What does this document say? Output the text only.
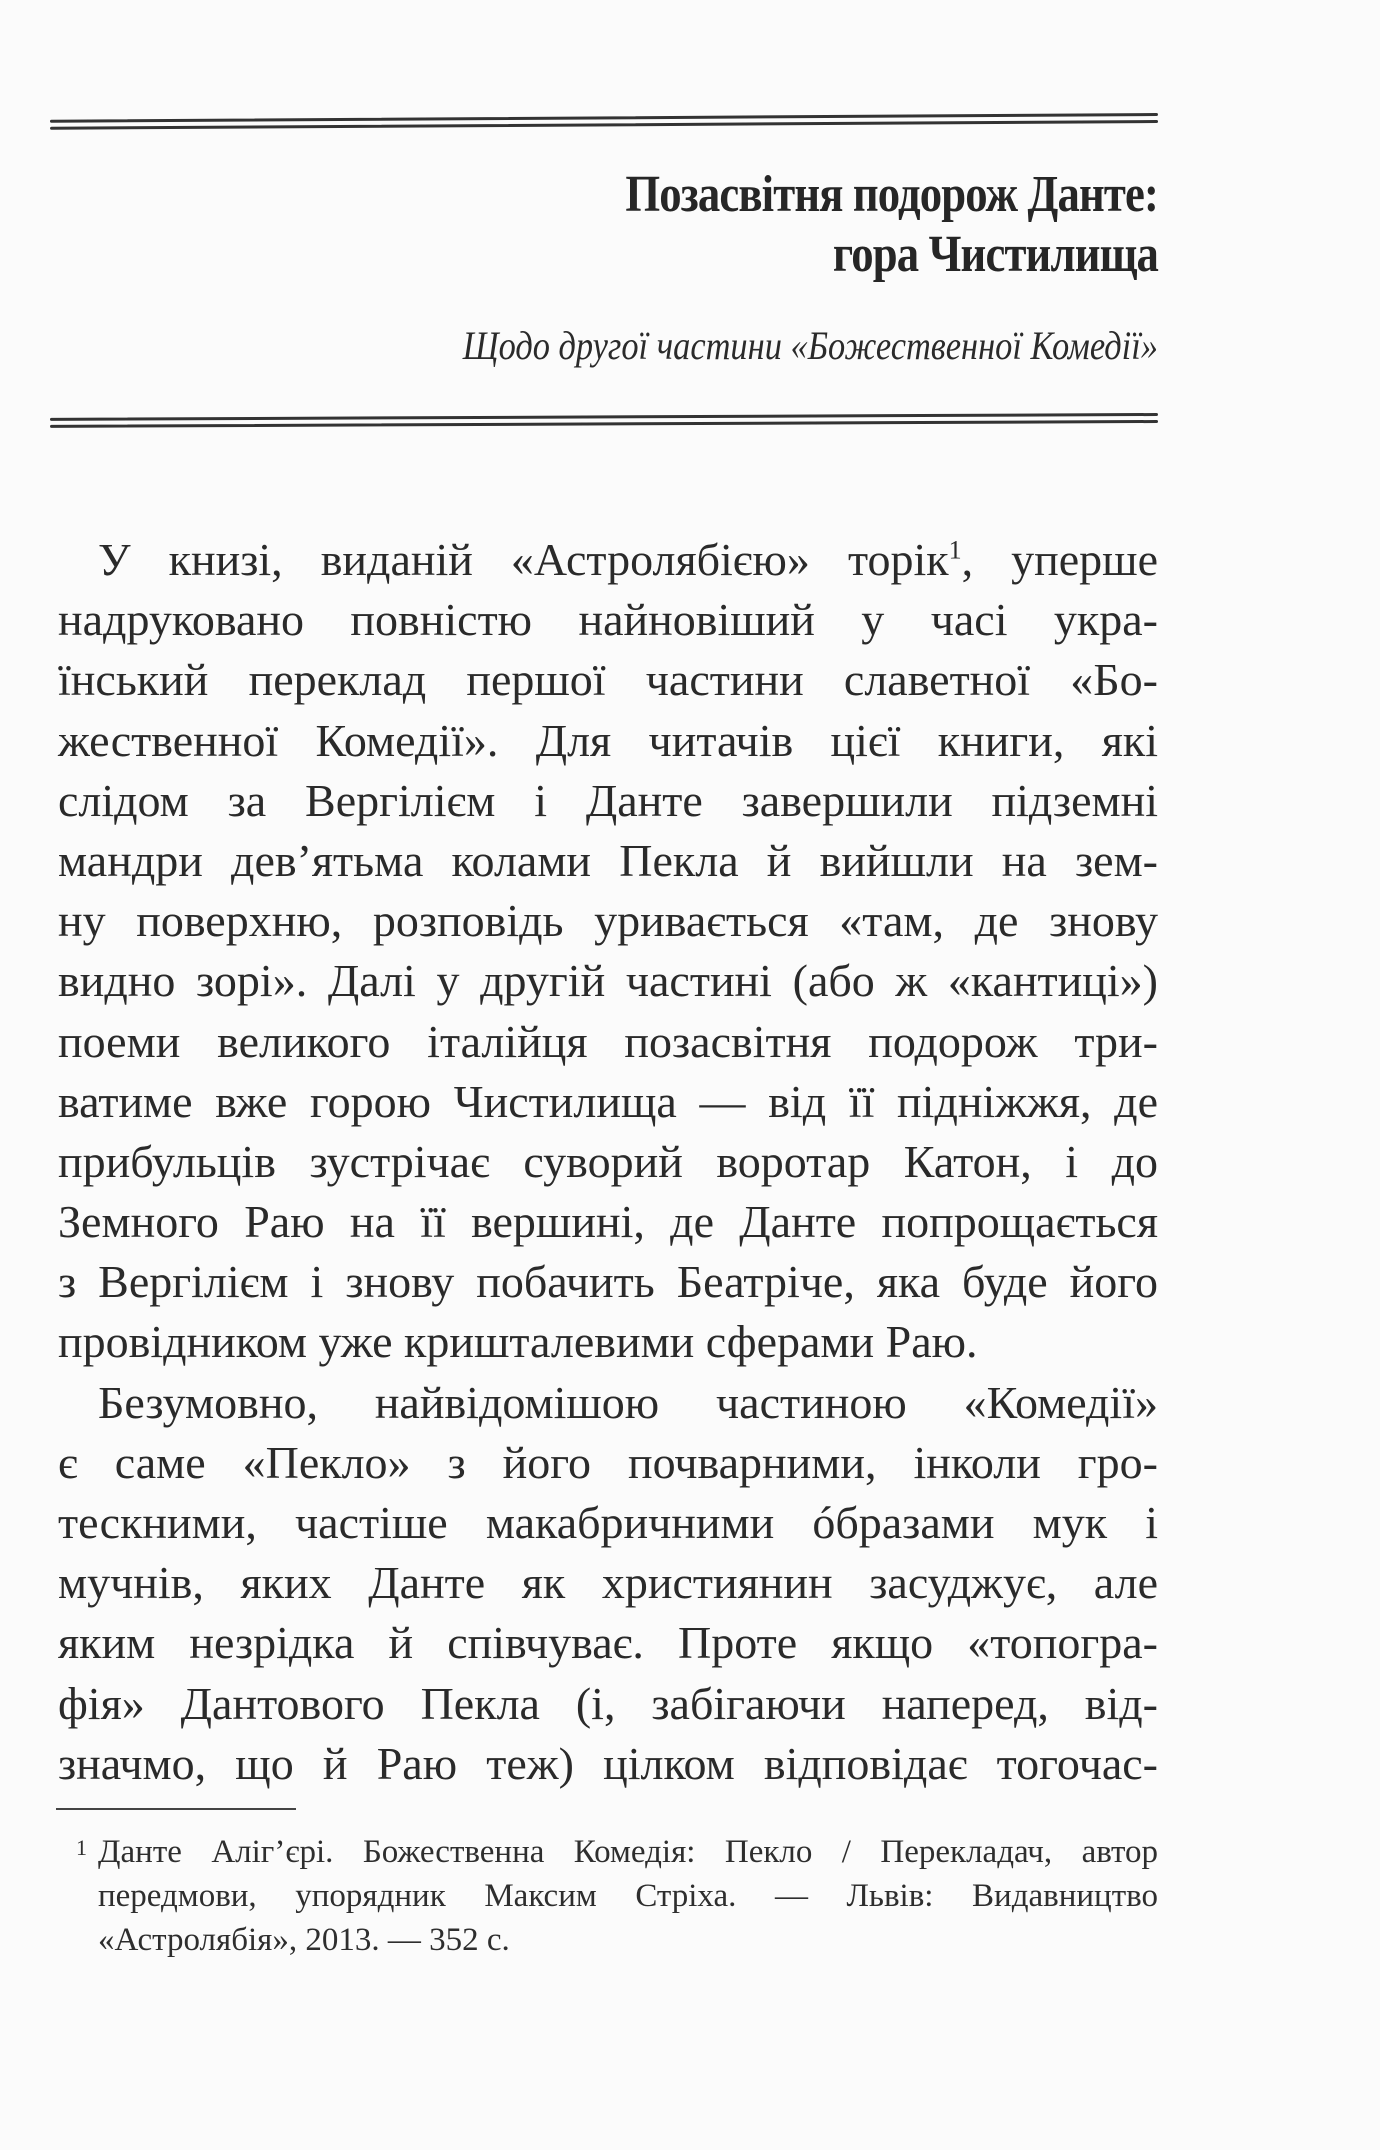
Позасвітня подорож Данте:
гора Чистилища
Щодо другої частини «Божественної Комедії»
У книзі, виданій «Астролябією» торік$^1$, уперше
надруковано повністю найновіший у часі укра-
їнський переклад першої частини славетної «Бо-
жественної Комедії». Для читачів цієї книги, які
слідом за Вергілієм і Данте завершили підземні
мандри дев’ятьма колами Пекла й вийшли на зем-
ну поверхню, розповідь уривається «там, де знову
видно зорі». Далі у другій частині (або ж «кантиці»)
поеми великого італійця позасвітня подорож три-
ватиме вже горою Чистилища — від її підніжжя, де
прибульців зустрічає суворий воротар Катон, і до
Земного Раю на її вершині, де Данте попрощається
з Вергілієм і знову побачить Беатріче, яка буде його
провідником уже кришталевими сферами Раю.
Безумовно, найвідомішою частиною «Комедії»
є саме «Пекло» з його почварними, інколи гро-
тескними, частіше макабричними óбразами мук і
мучнів, яких Данте як християнин засуджує, але
яким незрідка й співчуває. Проте якщо «топогра-
фія» Дантового Пекла (і, забігаючи наперед, від-
значмо, що й Раю теж) цілком відповідає тогочас-
1 Данте Аліг’єрі. Божественна Комедія: Пекло / Перекладач, автор
передмови, упорядник Максим Стріха. — Львів: Видавництво
«Астролябія», 2013. — 352 с.
